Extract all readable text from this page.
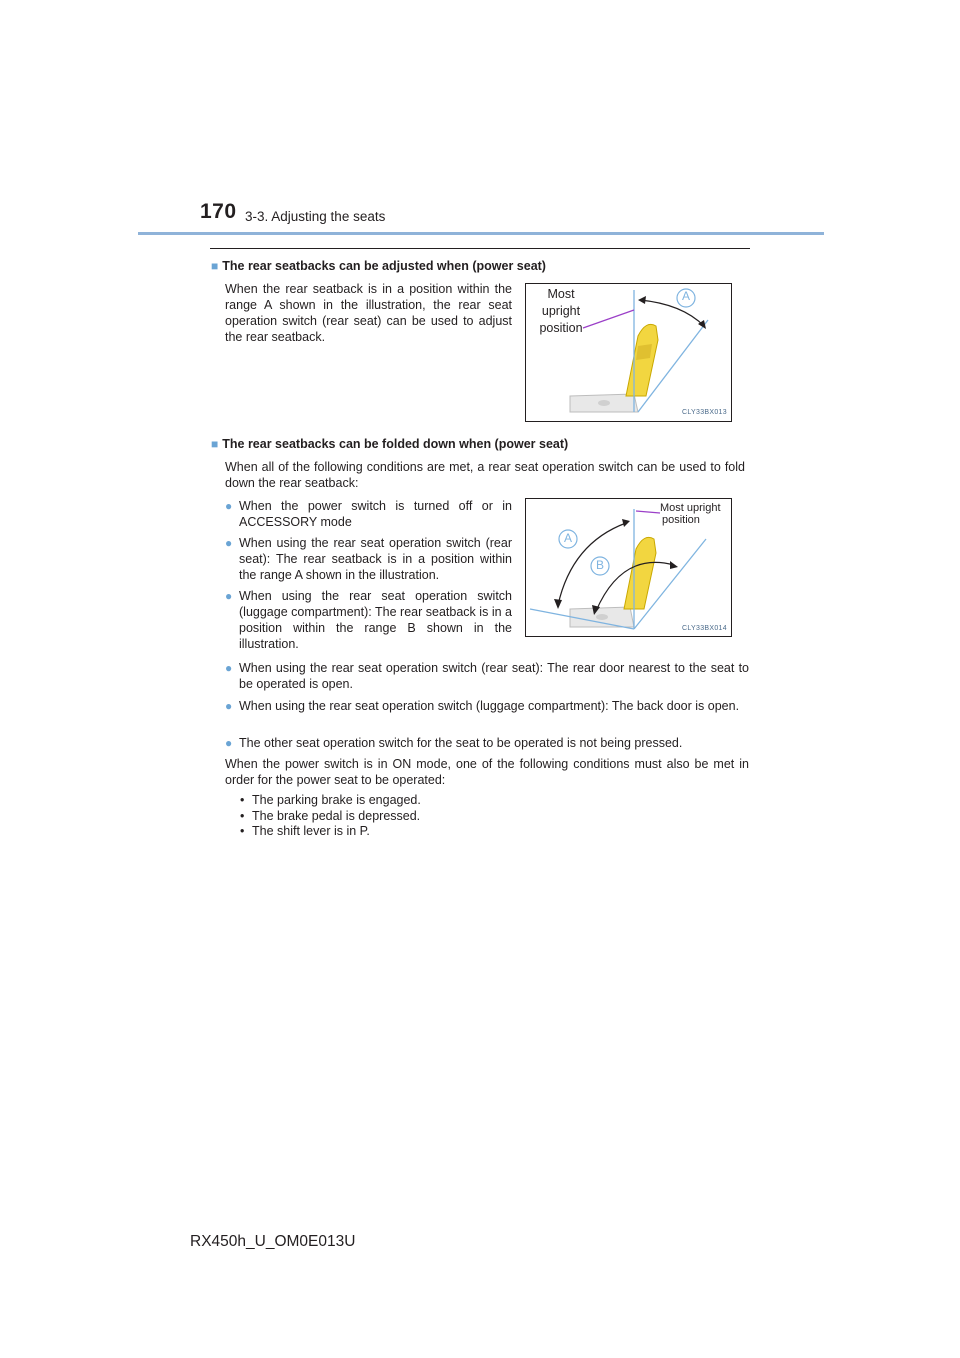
170 3-3. Adjusting the seats
■ The rear seatbacks can be adjusted when (power seat)
When the rear seatback is in a position within the range A shown in the illustration, the rear seat operation switch (rear seat) can be used to adjust the rear seatback.
Most
upright
position
A
CLY33BX013
■ The rear seatbacks can be folded down when (power seat)
When all of the following conditions are met, a rear seat operation switch can be used to fold down the rear seatback:
● When the power switch is turned off or in ACCESSORY mode
● When using the rear seat operation switch (rear seat): The rear seatback is in a position within the range A shown in the illustration.
● When using the rear seat operation switch (luggage compartment): The rear seatback is in a position within the range B shown in the illustration.
Most upright
position
A
B
CLY33BX014
● When using the rear seat operation switch (rear seat): The rear door nearest to the seat to be operated is open.
● When using the rear seat operation switch (luggage compartment): The back door is open.
● The other seat operation switch for the seat to be operated is not being pressed.
When the power switch is in ON mode, one of the following conditions must also be met in order for the power seat to be operated:
• The parking brake is engaged.
• The brake pedal is depressed.
• The shift lever is in P.
RX450h_U_OM0E013U
